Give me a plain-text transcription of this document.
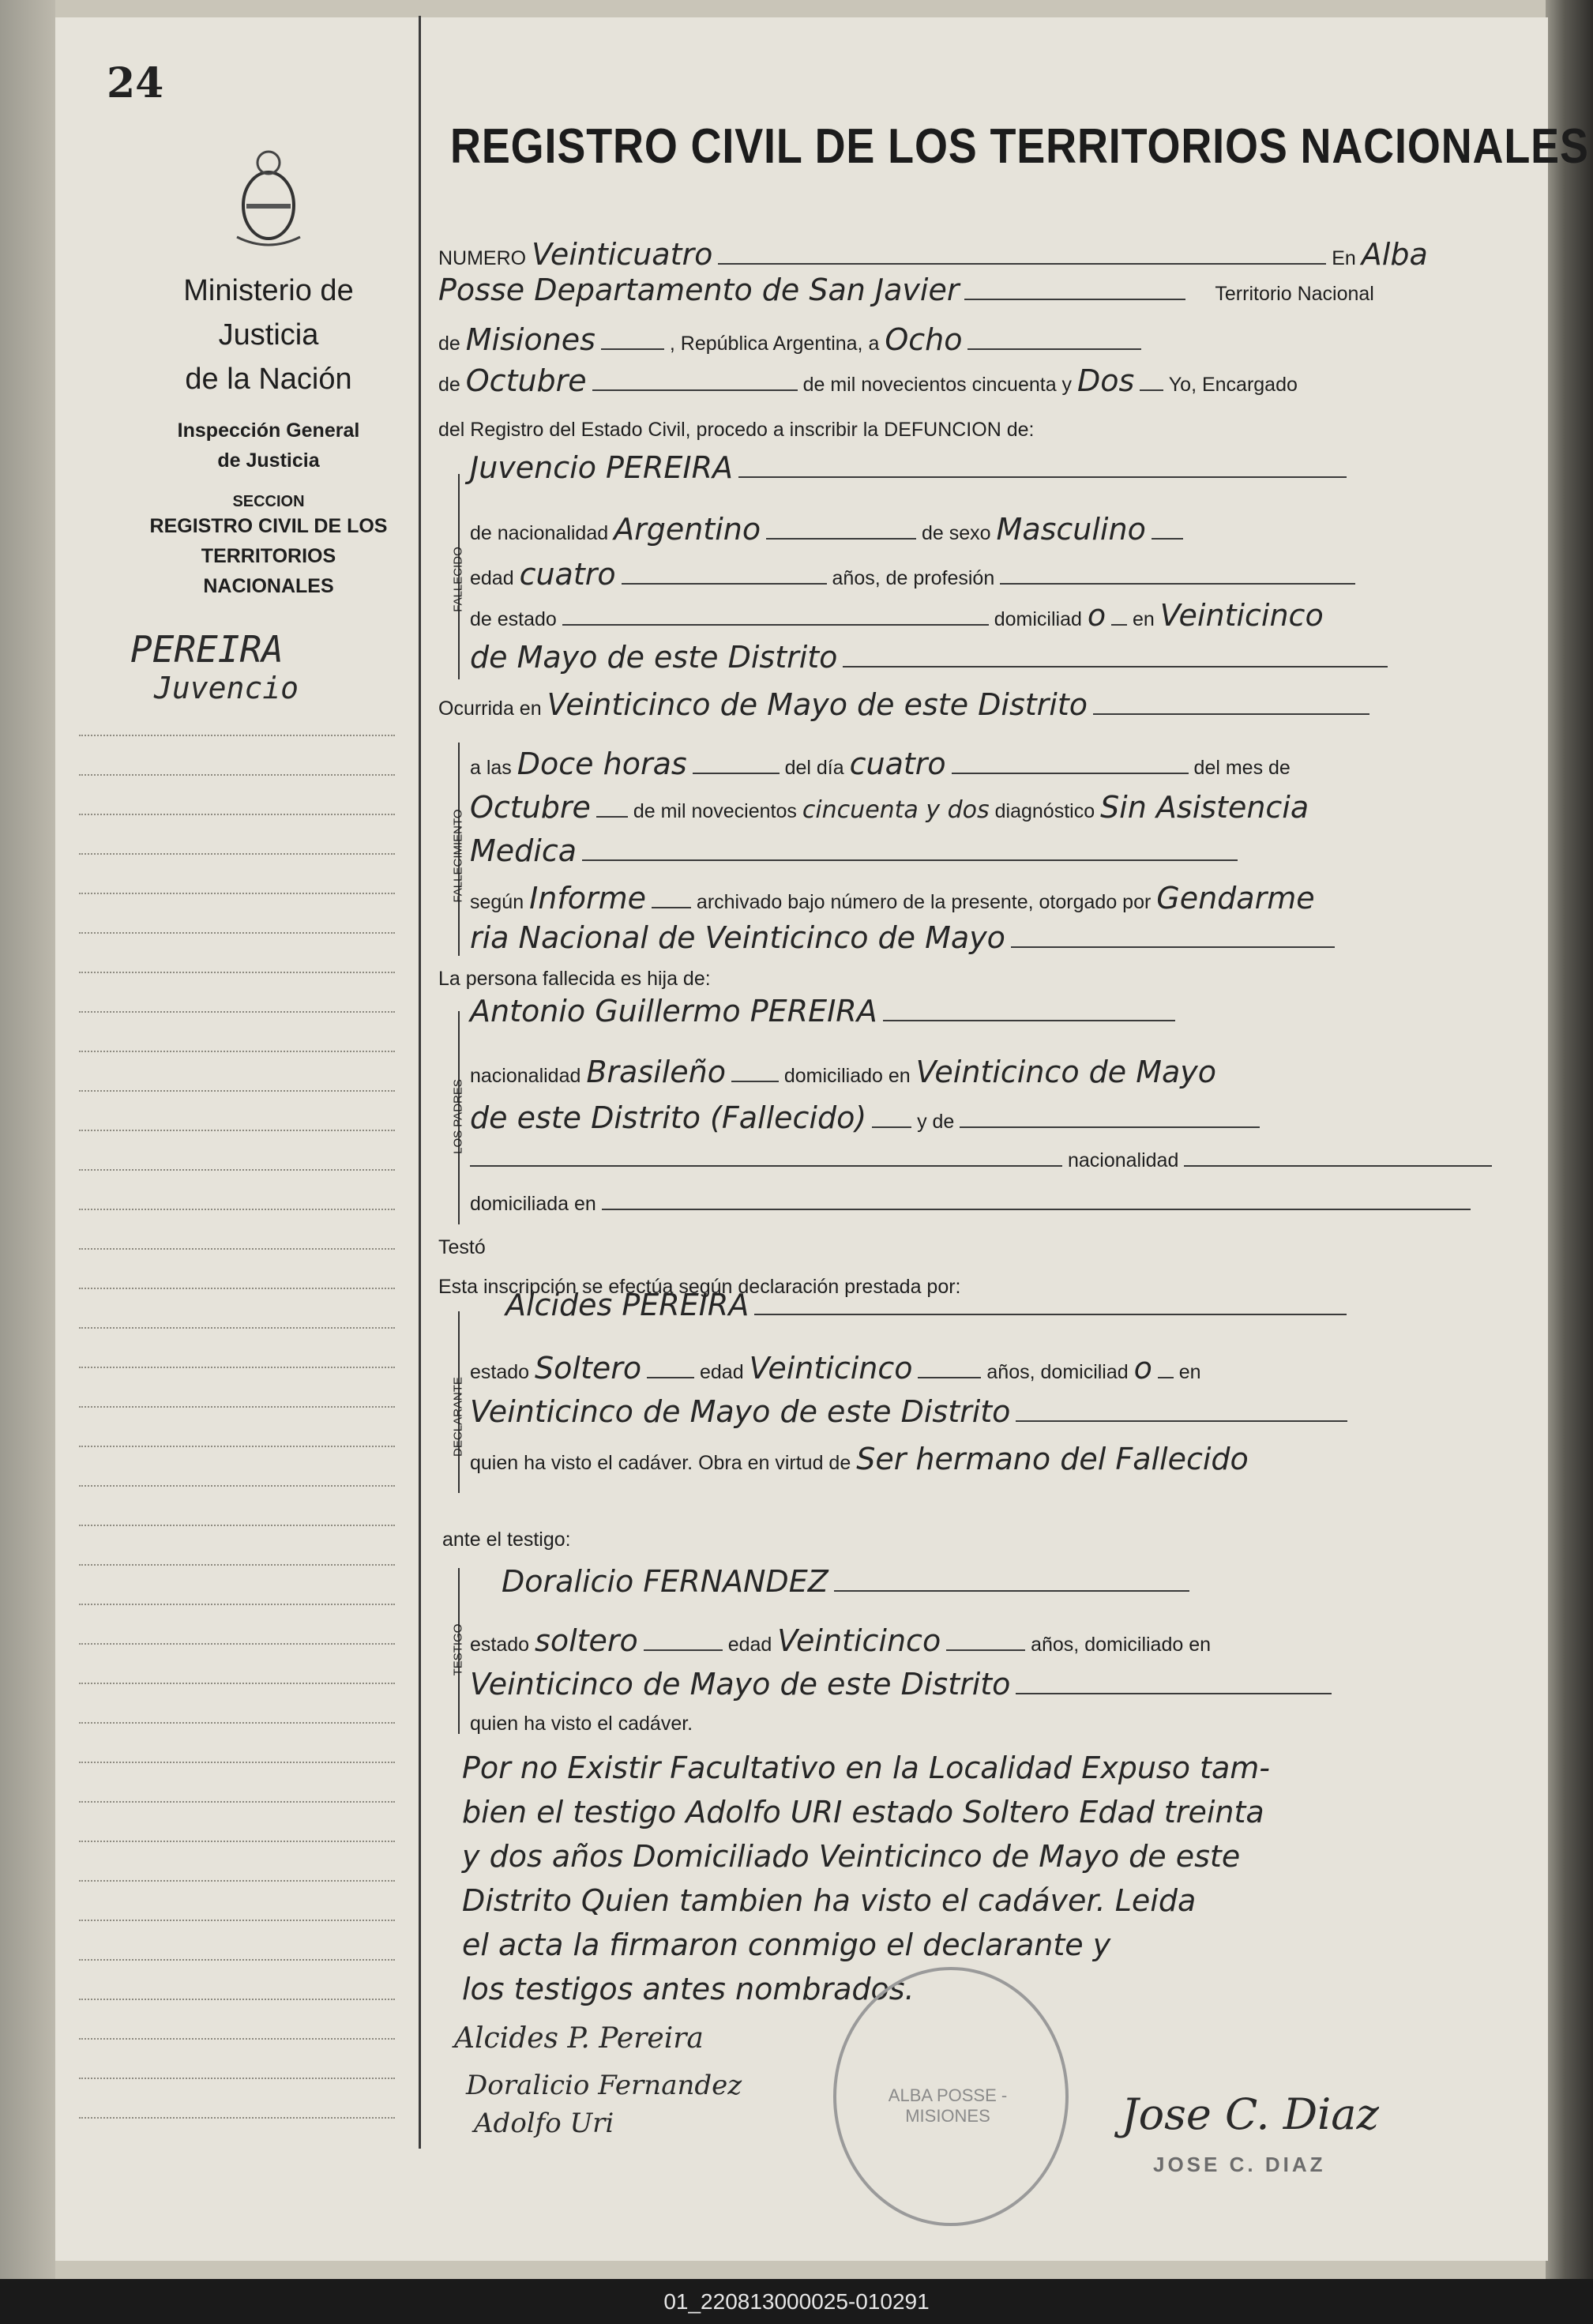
24
Ministerio de Justicia
de la Nación
Inspección General
de Justicia
SECCION
REGISTRO CIVIL DE LOS
TERRITORIOS NACIONALES
PEREIRA
Juvencio
REGISTRO CIVIL DE LOS TERRITORIOS NACIONALES
NUMERO Veinticuatro	En Alba
Posse Departamento de San Javier	Territorio Nacional
de Misiones	, República Argentina, a Ocho
de Octubre	de mil novecientos cincuenta y Dos Yo, Encargado
del Registro del Estado Civil, procedo a inscribir la DEFUNCION de:
FALLECIDO
Juvencio PEREIRA
de nacionalidad Argentino	de sexo Masculino
edad cuatro	años, de profesión
de estado	domiciliad o en Veinticinco
de Mayo de este Distrito
Ocurrida en Veinticinco de Mayo de este Distrito
FALLECIMIENTO
a las Doce horas	del día cuatro	del mes de
Octubre de mil novecientos cincuenta y dos diagnóstico Sin Asistencia
Medica
según Informe	archivado bajo número de la presente, otorgado por Gendarme
ria Nacional de Veinticinco de Mayo
La persona fallecida es hija de:
LOS PADRES
Antonio Guillermo PEREIRA
nacionalidad Brasileño	domiciliado en Veinticinco de Mayo
de este Distrito (Fallecido)	y de
nacionalidad
domiciliada en
Testó
Esta inscripción se efectúa según declaración prestada por:
DECLARANTE
Alcides PEREIRA
estado Soltero	edad Veinticinco	años, domiciliad o en
Veinticinco de Mayo de este Distrito
quien ha visto el cadáver. Obra en virtud de Ser hermano del Fallecido
ante el testigo:
TESTIGO
Doralicio FERNANDEZ
estado soltero	edad Veinticinco	años, domiciliado en
Veinticinco de Mayo de este Distrito
quien ha visto el cadáver.
Por no Existir Facultativo en la Localidad Expuso tam-
bien el testigo Adolfo URI estado Soltero Edad treinta
y dos años Domiciliado Veinticinco de Mayo de este
Distrito Quien tambien ha visto el cadáver. Leida
el acta la firmaron conmigo el declarante y
los testigos antes nombrados.
ALBA POSSE - MISIONES
Alcides P. Pereira
Doralicio Fernandez
Adolfo Uri	Jose C. Diaz
JOSE C. DIAZ
01_220813000025-010291
